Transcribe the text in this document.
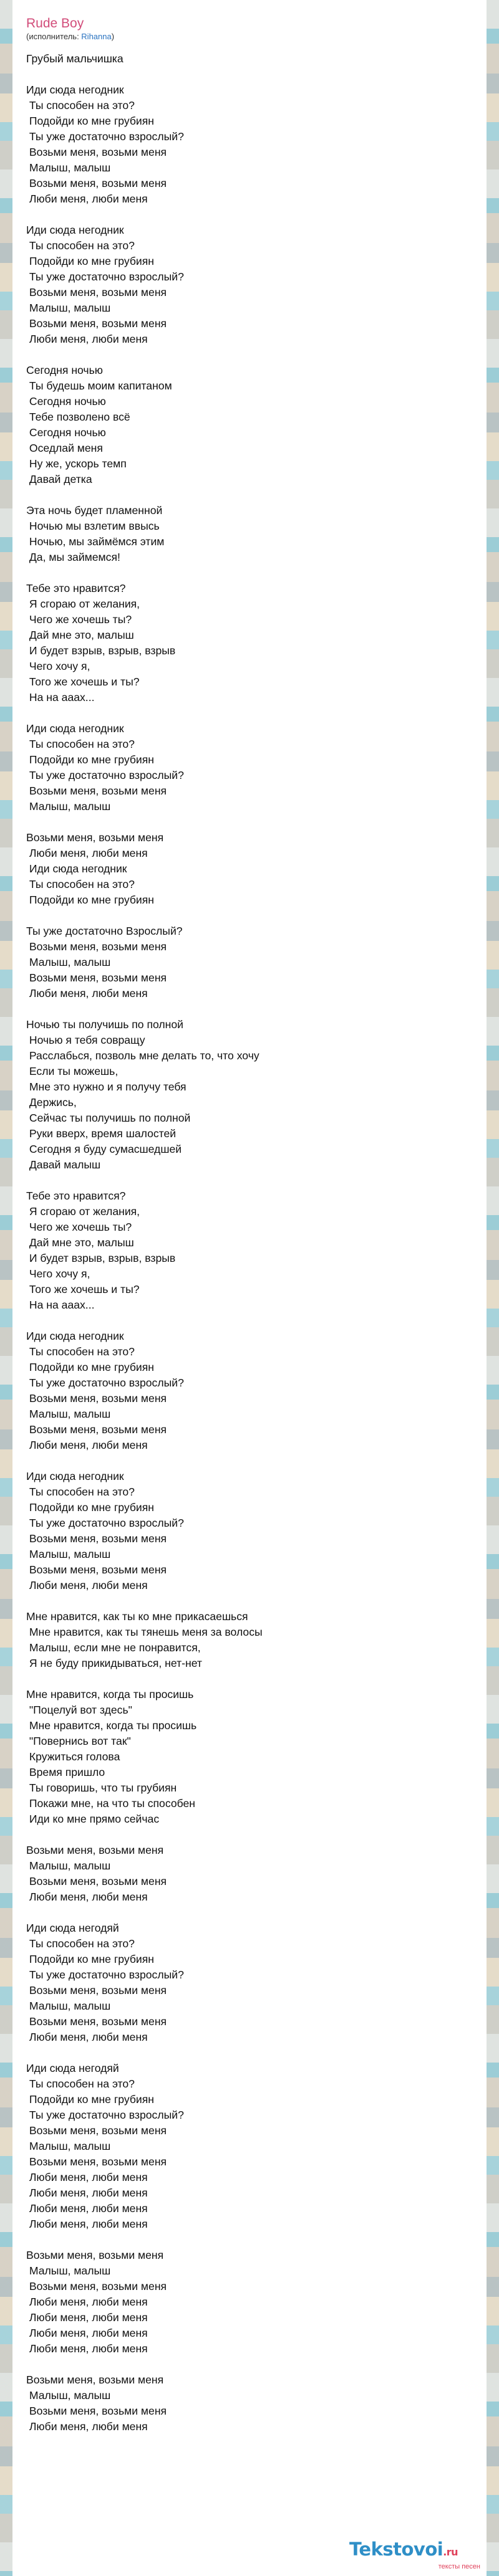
Rude Boy
(исполнитель: Rihanna)
Грубый мальчишка

Иди сюда негодник
Ты способен на это?
Подойди ко мне грубиян
Ты уже достаточно взрослый?
Возьми меня, возьми меня
Малыш, малыш
Возьми меня, возьми меня
Люби меня, люби меня

Иди сюда негодник
Ты способен на это?
Подойди ко мне грубиян
Ты уже достаточно взрослый?
Возьми меня, возьми меня
Малыш, малыш
Возьми меня, возьми меня
Люби меня, люби меня

Сегодня ночью
Ты будешь моим капитаном
Сегодня ночью
Тебе позволено всё
Сегодня ночью
Оседлай меня
Ну же, ускорь темп
Давай детка

Эта ночь будет пламенной
Ночью мы взлетим ввысь
Ночью, мы займёмся этим
Да, мы займемся!

Тебе это нравится?
Я сгораю от желания,
Чего же хочешь ты?
Дай мне это, малыш
И будет взрыв, взрыв, взрыв
Чего хочу я,
Того же хочешь и ты?
На на аааx...

Иди сюда негодник
Ты способен на это?
Подойди ко мне грубиян
Ты уже достаточно взрослый?
Возьми меня, возьми меня
Малыш, малыш

Возьми меня, возьми меня
Люби меня, люби меня
Иди сюда негодник
Ты способен на это?
Подойди ко мне грубиян

Ты уже достаточно Взрослый?
Возьми меня, возьми меня
Малыш, малыш
Возьми меня, возьми меня
Люби меня, люби меня

Ночью ты получишь по полной
Ночью я тебя совращу
Расслабься, позволь мне делать то, что хочу
Если ты можешь,
Мне это нужно и я получу тебя
Держись,
Сейчас ты получишь по полной
Руки вверх, время шалостей
Сегодня я буду сумасшедшей
Давай малыш

Тебе это нравится?
Я сгораю от желания,
Чего же хочешь ты?
Дай мне это, малыш
И будет взрыв, взрыв, взрыв
Чего хочу я,
Того же хочешь и ты?
На на аааx...

Иди сюда негодник
Ты способен на это?
Подойди ко мне грубиян
Ты уже достаточно взрослый?
Возьми меня, возьми меня
Малыш, малыш
Возьми меня, возьми меня
Люби меня, люби меня

Иди сюда негодник
Ты способен на это?
Подойди ко мне грубиян
Ты уже достаточно взрослый?
Возьми меня, возьми меня
Малыш, малыш
Возьми меня, возьми меня
Люби меня, люби меня

Мне нравится, как ты ко мне прикасаешься
Мне нравится, как ты тянешь меня за волосы
Малыш, если мне не понравится,
Я не буду прикидываться, нет-нет

Мне нравится, когда ты просишь
"Поцелуй вот здесь"
Мне нравится, когда ты просишь
"Повернись вот так"
Кружиться голова
Время пришло
Ты говоришь, что ты грубиян
Покажи мне, на что ты способен
Иди ко мне прямо сейчас

Возьми меня, возьми меня
Малыш, малыш
Возьми меня, возьми меня
Люби меня, люби меня

Иди сюда негодяй
Ты способен на это?
Подойди ко мне грубиян
Ты уже достаточно взрослый?
Возьми меня, возьми меня
Малыш, малыш
Возьми меня, возьми меня
Люби меня, люби меня

Иди сюда негодяй
Ты способен на это?
Подойди ко мне грубиян
Ты уже достаточно взрослый?
Возьми меня, возьми меня
Малыш, малыш
Возьми меня, возьми меня
Люби меня, люби меня
Люби меня, люби меня
Люби меня, люби меня
Люби меня, люби меня

Возьми меня, возьми меня
Малыш, малыш
Возьми меня, возьми меня
Люби меня, люби меня
Люби меня, люби меня
Люби меня, люби меня
Люби меня, люби меня

Возьми меня, возьми меня
Малыш, малыш
Возьми меня, возьми меня
Люби меня, люби меня
Tekstovoi.ru
тексты песен
